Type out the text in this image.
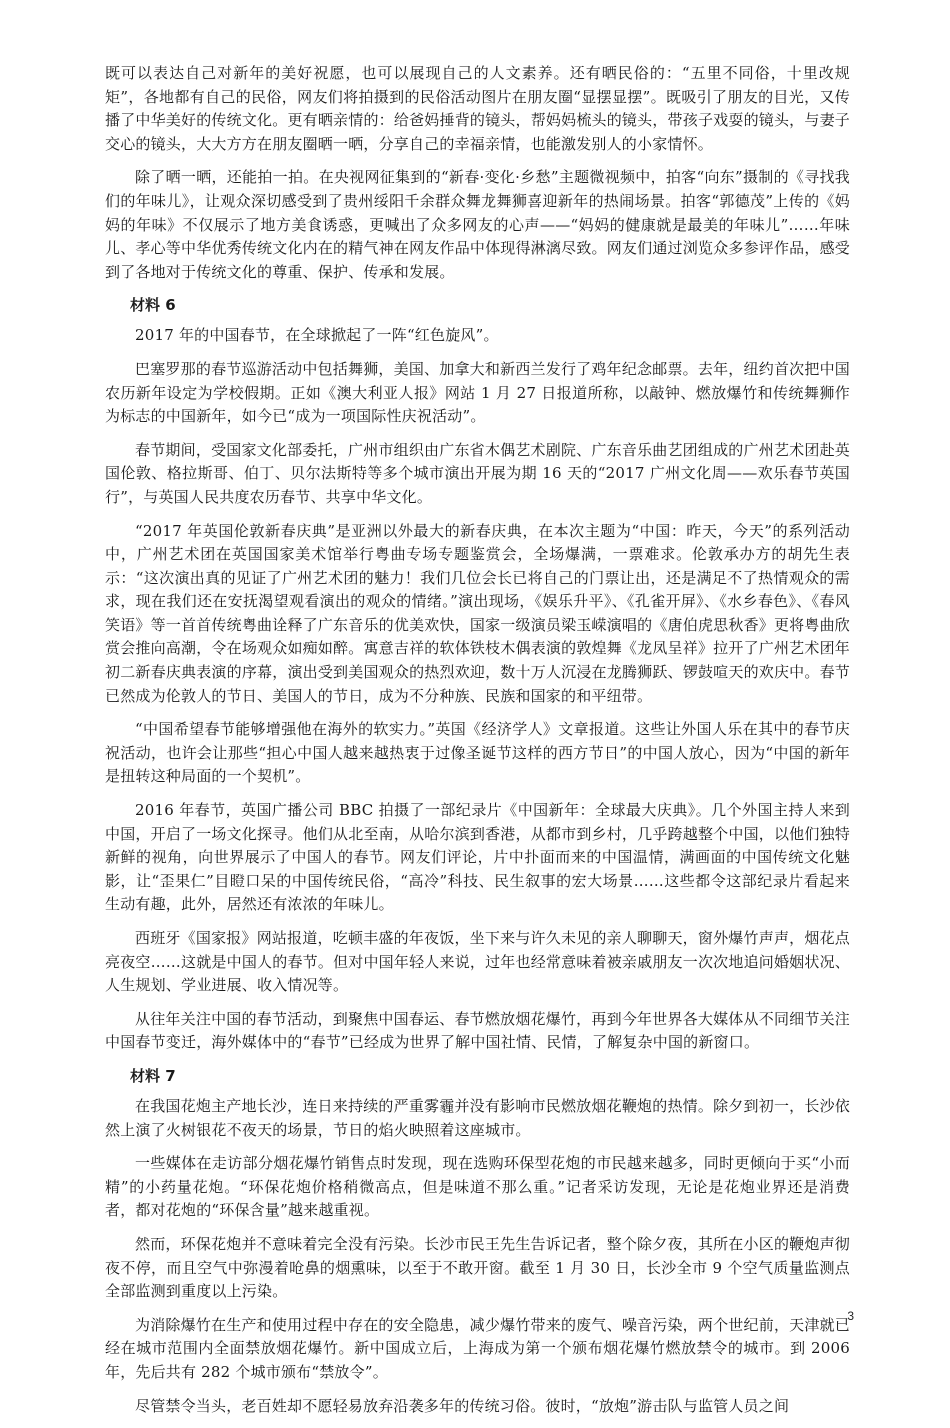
既可以表达自己对新年的美好祝愿，也可以展现自己的人文素养。还有晒民俗的：“五里不同俗，十里改规矩”，各地都有自己的民俗，网友们将拍摄到的民俗活动图片在朋友圈“显摆显摆”。既吸引了朋友的目光，又传播了中华美好的传统文化。更有晒亲情的：给爸妈捶背的镜头，帮妈妈梳头的镜头，带孩子戏耍的镜头，与妻子交心的镜头，大大方方在朋友圈晒一晒，分享自己的幸福亲情，也能激发别人的小家情怀。

除了晒一晒，还能拍一拍。在央视网征集到的“新春·变化·乡愁”主题微视频中，拍客“向东”摄制的《寻找我们的年味儿》，让观众深切感受到了贵州绥阳千余群众舞龙舞狮喜迎新年的热闹场景。拍客“郭德茂”上传的《妈妈的年味》不仅展示了地方美食诱惑，更喊出了众多网友的心声——“妈妈的健康就是最美的年味儿”……年味儿、孝心等中华优秀传统文化内在的精气神在网友作品中体现得淋漓尽致。网友们通过浏览众多参评作品，感受到了各地对于传统文化的尊重、保护、传承和发展。

材料 6

2017 年的中国春节，在全球掀起了一阵“红色旋风”。

巴塞罗那的春节巡游活动中包括舞狮，美国、加拿大和新西兰发行了鸡年纪念邮票。去年，纽约首次把中国农历新年设定为学校假期。正如《澳大利亚人报》网站 1 月 27 日报道所称，以敲钟、燃放爆竹和传统舞狮作为标志的中国新年，如今已“成为一项国际性庆祝活动”。

春节期间，受国家文化部委托，广州市组织由广东省木偶艺术剧院、广东音乐曲艺团组成的广州艺术团赴英国伦敦、格拉斯哥、伯丁、贝尔法斯特等多个城市演出开展为期 16 天的“2017 广州文化周——欢乐春节英国行”，与英国人民共度农历春节、共享中华文化。

“2017 年英国伦敦新春庆典”是亚洲以外最大的新春庆典，在本次主题为“中国：昨天，今天”的系列活动中，广州艺术团在英国国家美术馆举行粤曲专场专题鉴赏会，全场爆满，一票难求。伦敦承办方的胡先生表示：“这次演出真的见证了广州艺术团的魅力！我们几位会长已将自己的门票让出，还是满足不了热情观众的需求，现在我们还在安抚渴望观看演出的观众的情绪。”演出现场，《娱乐升平》、《孔雀开屏》、《水乡春色》、《春风笑语》等一首首传统粤曲诠释了广东音乐的优美欢快，国家一级演员梁玉嵘演唱的《唐伯虎思秋香》更将粤曲欣赏会推向高潮，令在场观众如痴如醉。寓意吉祥的软体铁枝木偶表演的敦煌舞《龙凤呈祥》拉开了广州艺术团年初二新春庆典表演的序幕，演出受到美国观众的热烈欢迎，数十万人沉浸在龙腾狮跃、锣鼓喧天的欢庆中。春节已然成为伦敦人的节日、美国人的节日，成为不分种族、民族和国家的和平纽带。

“中国希望春节能够增强他在海外的软实力。”英国《经济学人》文章报道。这些让外国人乐在其中的春节庆祝活动，也许会让那些“担心中国人越来越热衷于过像圣诞节这样的西方节日”的中国人放心，因为“中国的新年是扭转这种局面的一个契机”。

2016 年春节，英国广播公司 BBC 拍摄了一部纪录片《中国新年：全球最大庆典》。几个外国主持人来到中国，开启了一场文化探寻。他们从北至南，从哈尔滨到香港，从都市到乡村，几乎跨越整个中国，以他们独特新鲜的视角，向世界展示了中国人的春节。网友们评论，片中扑面而来的中国温情，满画面的中国传统文化魅影，让“歪果仁”目瞪口呆的中国传统民俗，“高冷”科技、民生叙事的宏大场景……这些都令这部纪录片看起来生动有趣，此外，居然还有浓浓的年味儿。

西班牙《国家报》网站报道，吃顿丰盛的年夜饭，坐下来与许久未见的亲人聊聊天，窗外爆竹声声，烟花点亮夜空……这就是中国人的春节。但对中国年轻人来说，过年也经常意味着被亲戚朋友一次次地追问婚姻状况、人生规划、学业进展、收入情况等。

从往年关注中国的春节活动，到聚焦中国春运、春节燃放烟花爆竹，再到今年世界各大媒体从不同细节关注中国春节变迁，海外媒体中的“春节”已经成为世界了解中国社情、民情，了解复杂中国的新窗口。

材料 7

在我国花炮主产地长沙，连日来持续的严重雾霾并没有影响市民燃放烟花鞭炮的热情。除夕到初一，长沙依然上演了火树银花不夜天的场景，节日的焰火映照着这座城市。

一些媒体在走访部分烟花爆竹销售点时发现，现在选购环保型花炮的市民越来越多，同时更倾向于买“小而精”的小药量花炮。“环保花炮价格稍微高点，但是味道不那么重。”记者采访发现，无论是花炮业界还是消费者，都对花炮的“环保含量”越来越重视。

然而，环保花炮并不意味着完全没有污染。长沙市民王先生告诉记者，整个除夕夜，其所在小区的鞭炮声彻夜不停，而且空气中弥漫着呛鼻的烟熏味，以至于不敢开窗。截至 1 月 30 日，长沙全市 9 个空气质量监测点全部监测到重度以上污染。

为消除爆竹在生产和使用过程中存在的安全隐患，减少爆竹带来的废气、噪音污染，两个世纪前，天津就已经在城市范围内全面禁放烟花爆竹。新中国成立后，上海成为第一个颁布烟花爆竹燃放禁令的城市。到 2006 年，先后共有 282 个城市颁布“禁放令”。

尽管禁令当头，老百姓却不愿轻易放弃沿袭多年的传统习俗。彼时，“放炮”游击队与监管人员之间

3
